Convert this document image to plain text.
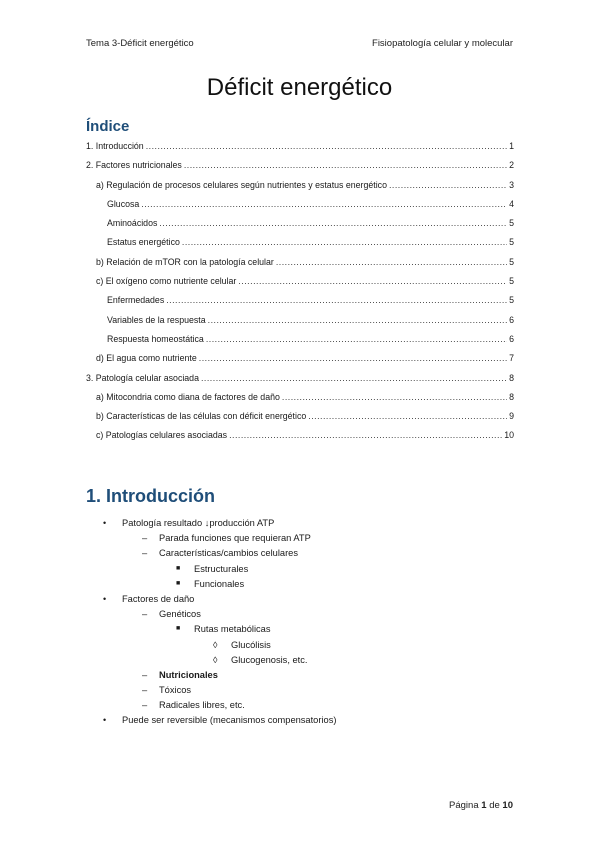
Tema 3-Déficit energético	Fisiopatología celular y molecular
Déficit energético
Índice
1. Introducción .....	1
2. Factores nutricionales .....	2
a) Regulación de procesos celulares según nutrientes y estatus energético .....	3
Glucosa .....	4
Aminoácidos .....	5
Estatus energético .....	5
b) Relación de mTOR con la patología celular .....	5
c) El oxígeno como nutriente celular .....	5
Enfermedades .....	5
Variables de la respuesta .....	6
Respuesta homeostática .....	6
d) El agua como nutriente .....	7
3. Patología celular asociada .....	8
a) Mitocondria como diana de factores de daño .....	8
b) Características de las células con déficit energético .....	9
c) Patologías celulares asociadas .....	10
1. Introducción
• Patología resultado ↓producción ATP
– Parada funciones que requieran ATP
– Características/cambios celulares
■ Estructurales
■ Funcionales
• Factores de daño
– Genéticos
■ Rutas metabólicas
◊ Glucólisis
◊ Glucogenosis, etc.
– Nutricionales
– Tóxicos
– Radicales libres, etc.
• Puede ser reversible (mecanismos compensatorios)
Página 1 de 10
